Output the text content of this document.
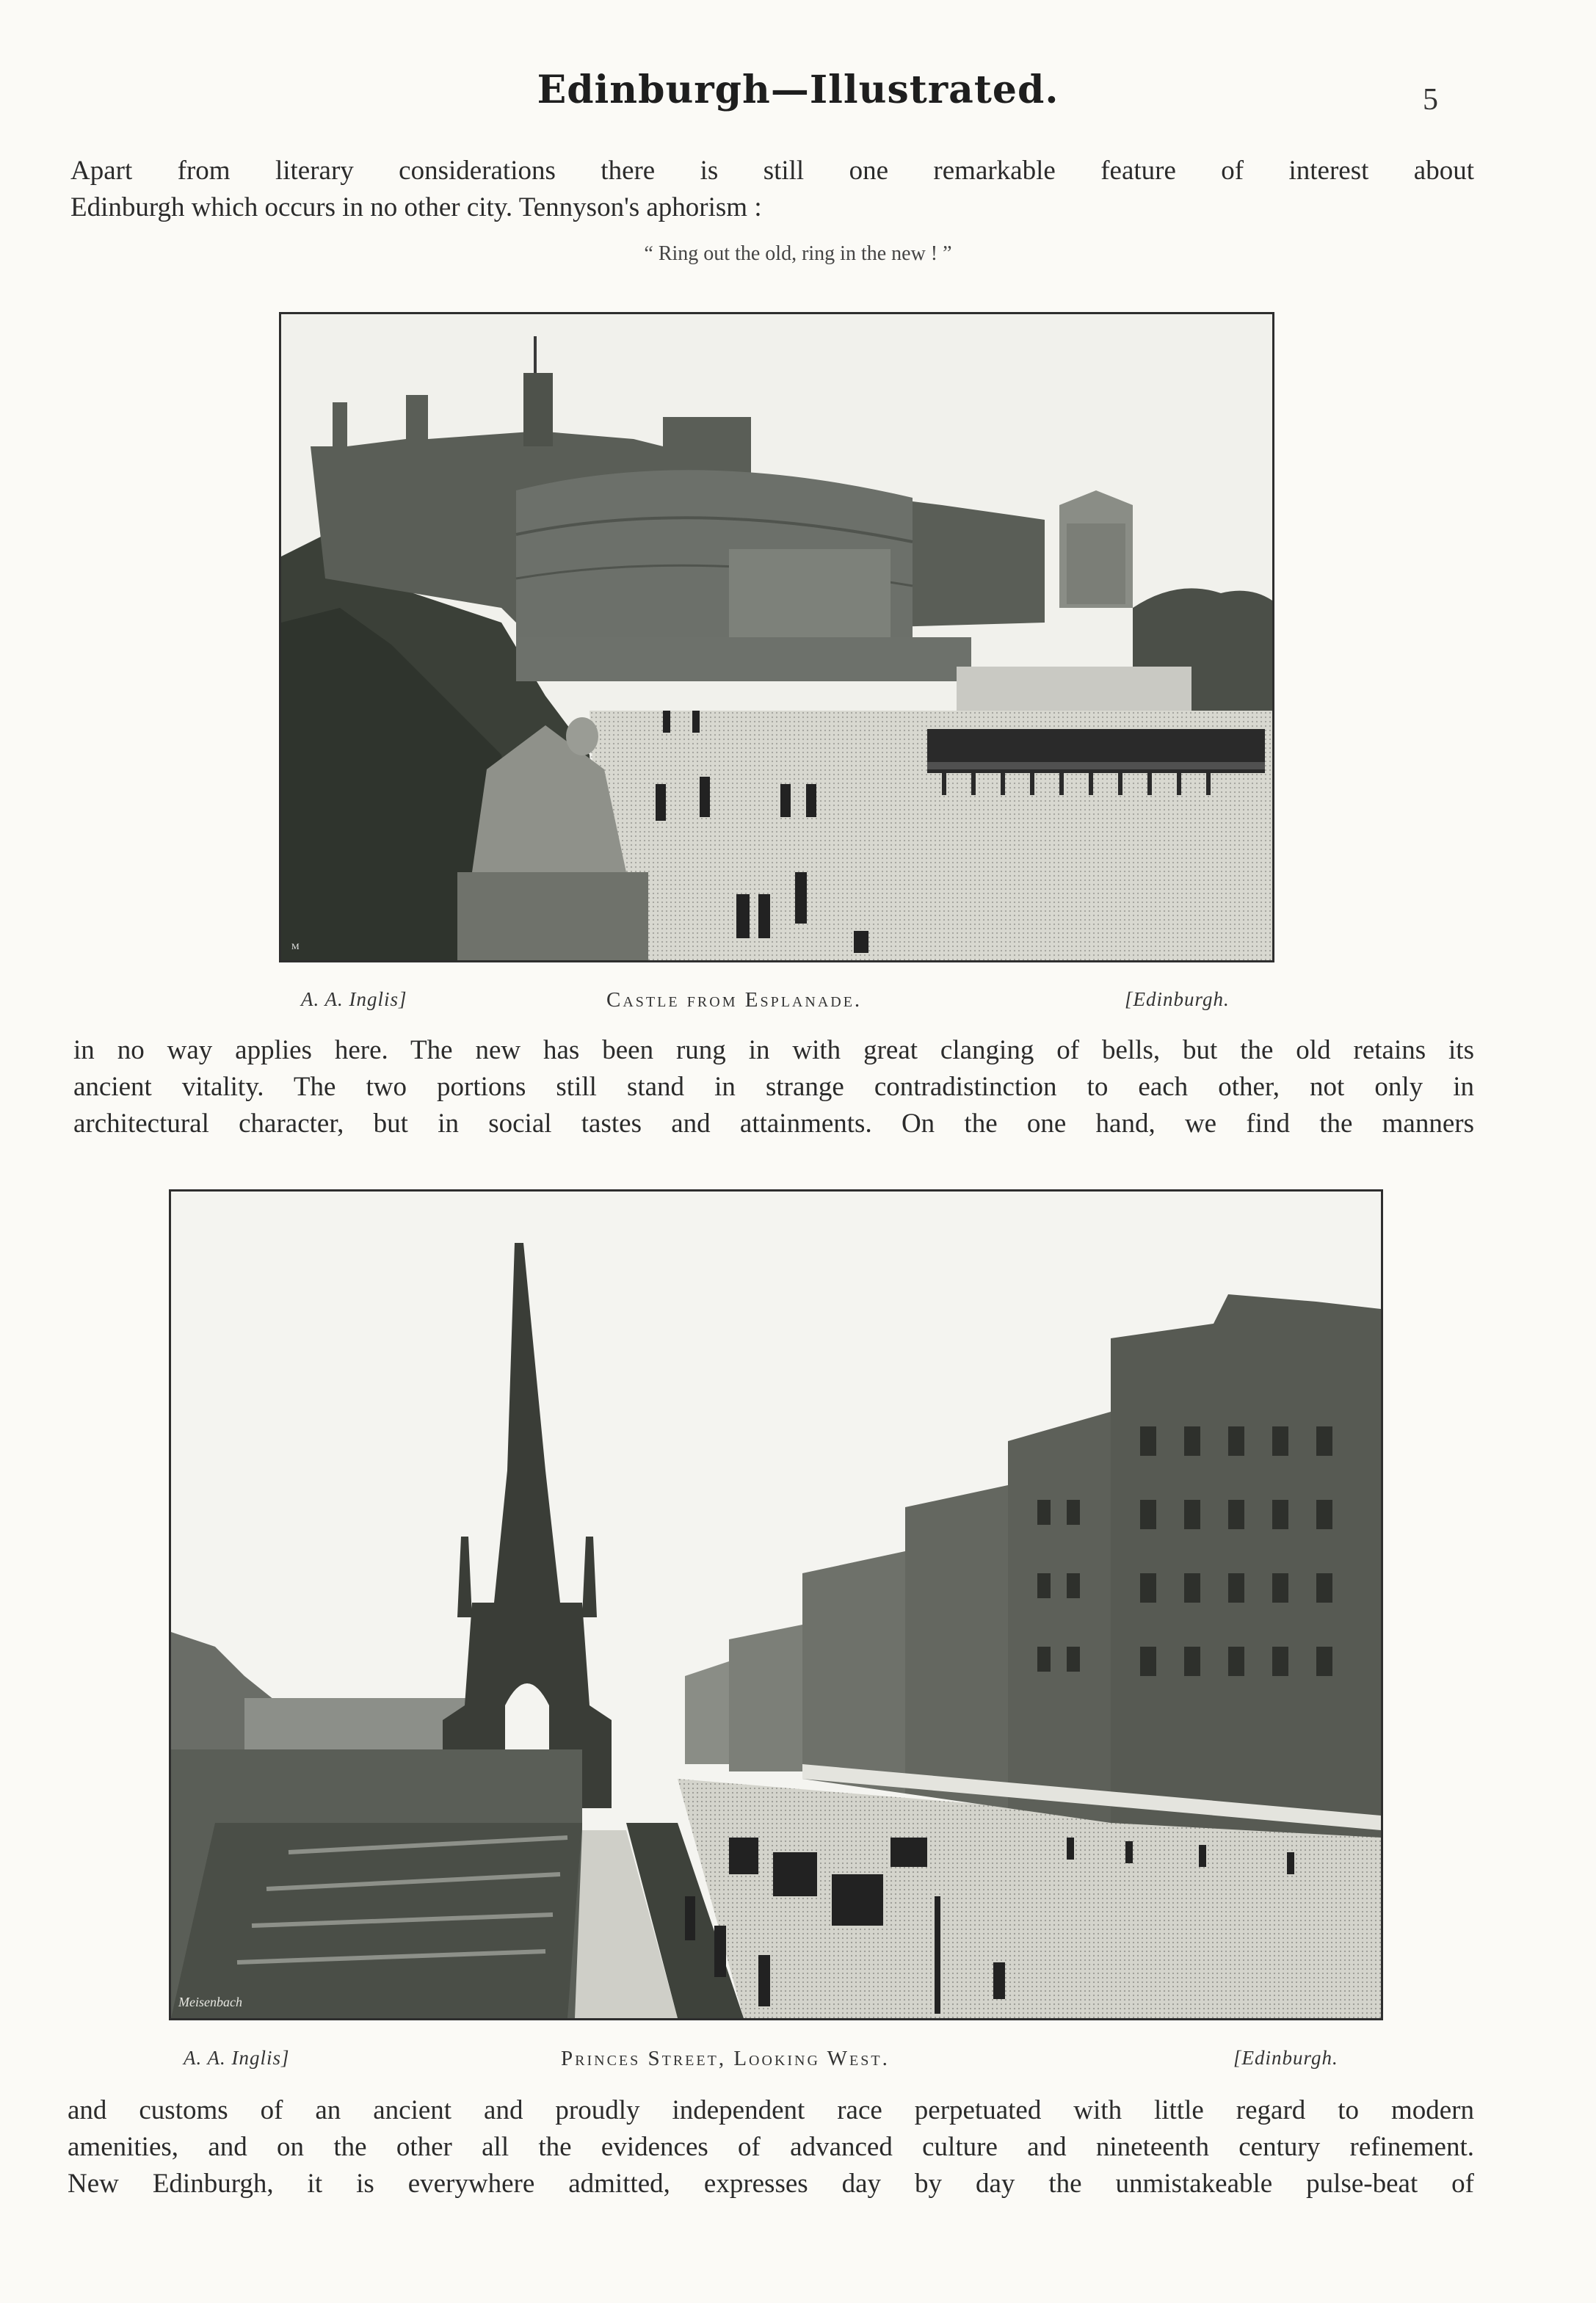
Edinburgh—Illustrated.	5
Apart from literary considerations there is still one remarkable feature of interest about
Edinburgh which occurs in no other city. Tennyson's aphorism :
“ Ring out the old, ring in the new ! ”
M
A. A. Inglis]	Castle from Esplanade.	[Edinburgh.
in no way applies here. The new has been rung in with great clanging of bells, but the old retains its
ancient vitality. The two portions still stand in strange contradistinction to each other, not only in
architectural character, but in social tastes and attainments. On the one hand, we find the manners
Meisenbach
A. A. Inglis]	Princes Street, Looking West.	[Edinburgh.
and customs of an ancient and proudly independent race perpetuated with little regard to modern
amenities, and on the other all the evidences of advanced culture and nineteenth century refinement.
New Edinburgh, it is everywhere admitted, expresses day by day the unmistakeable pulse-beat of
